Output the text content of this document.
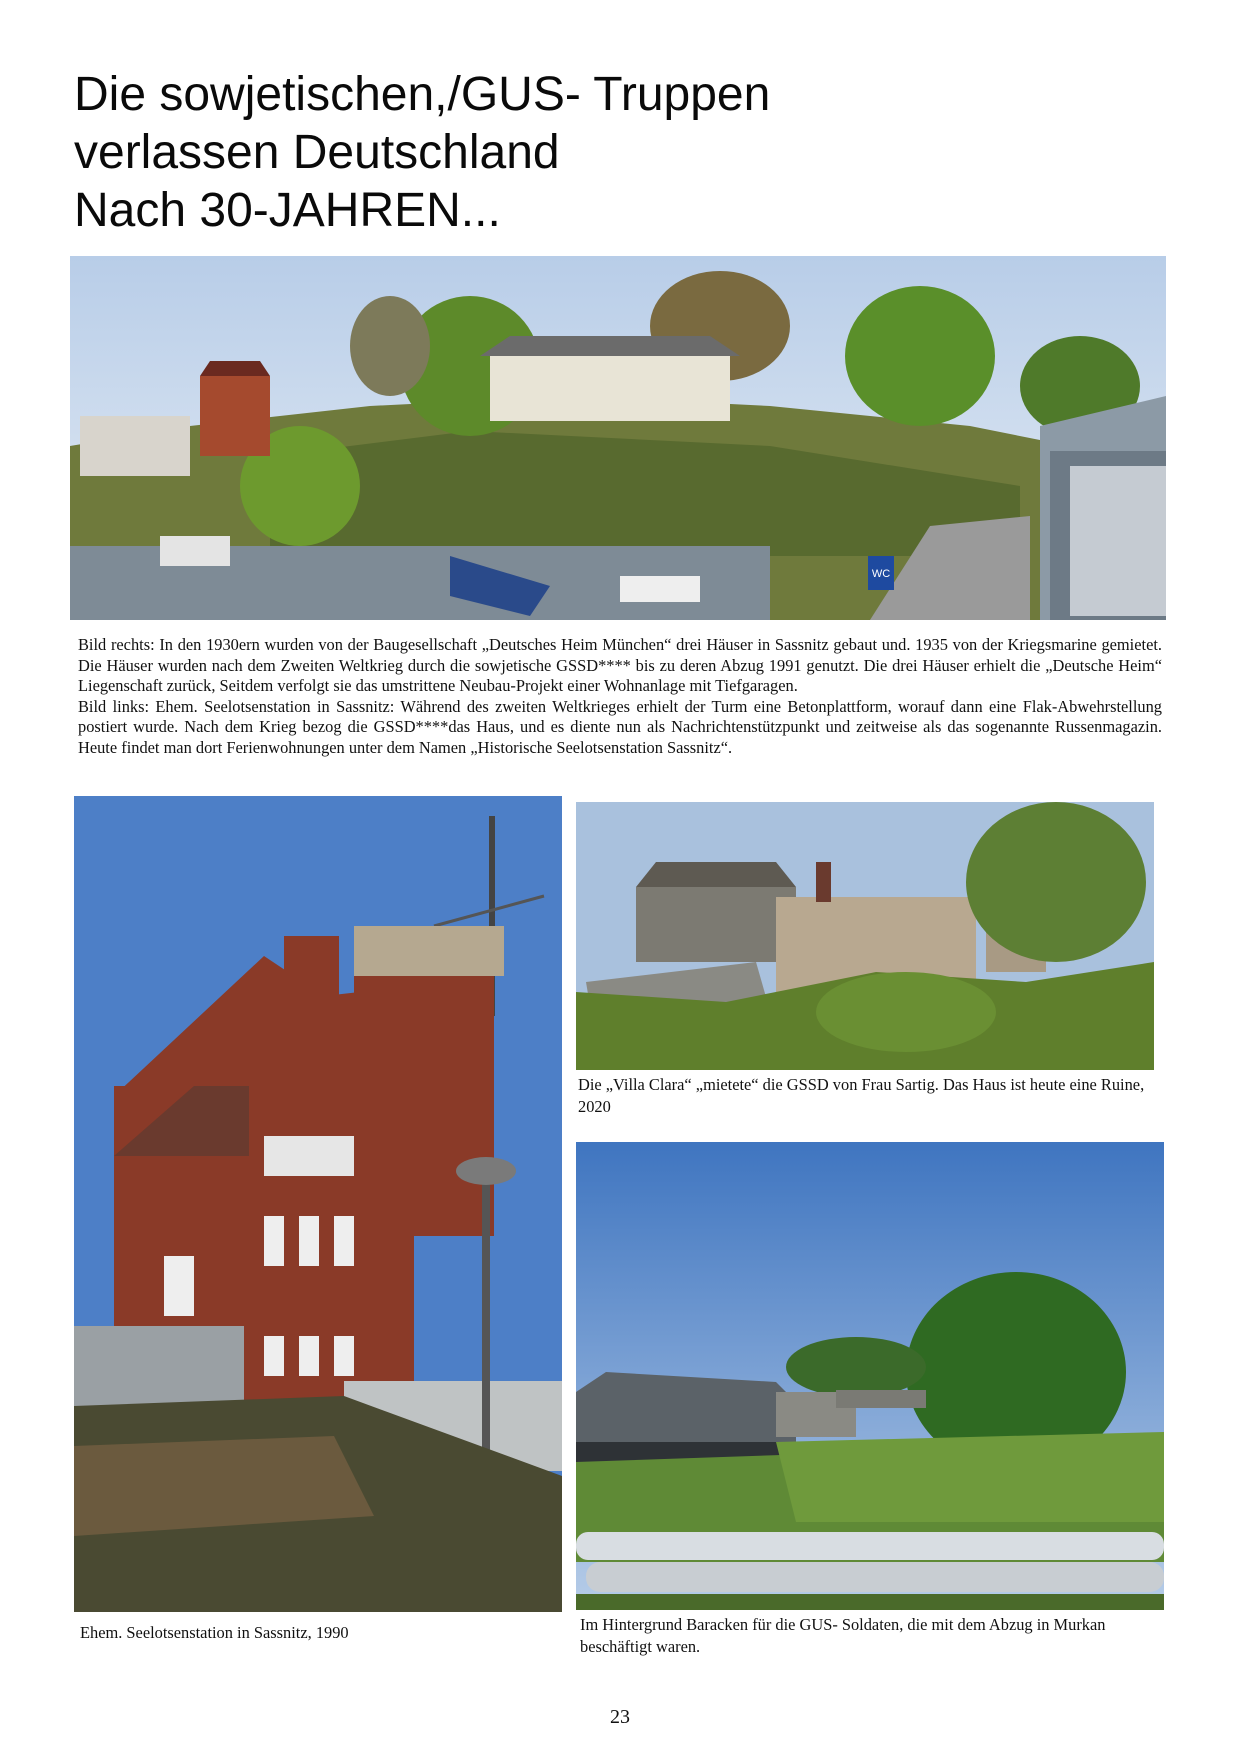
Die sowjetischen,/GUS- Truppen
verlassen Deutschland
Nach 30-JAHREN...
WC

Bild rechts: In den 1930ern wurden von der Baugesellschaft „Deutsches Heim München“ drei Häuser in Sassnitz gebaut und. 1935 von der Kriegsmarine gemietet. Die Häuser wurden nach dem Zweiten Weltkrieg durch die sowjetische GSSD**** bis zu deren Abzug 1991 genutzt. Die drei Häuser erhielt die „Deutsche Heim“ Liegenschaft zurück, Seitdem verfolgt sie das umstrittene Neubau-Projekt einer Wohnanlage mit Tiefgaragen.

Bild links: Ehem. Seelotsenstation in Sassnitz: Während des zweiten Weltkrieges erhielt der Turm eine Betonplattform, worauf dann eine Flak-Abwehrstellung postiert wurde. Nach dem Krieg bezog die GSSD****das Haus, und es diente nun als Nachrichtenstützpunkt und zeitweise als das sogenannte Russenmagazin. Heute findet man dort Ferienwohnungen unter dem Namen „Historische Seelotsenstation Sassnitz“.

Die „Villa Clara“ „mietete“ die GSSD von Frau Sartig. Das Haus ist heute eine Ruine, 2020
Ehem. Seelotsenstation in Sassnitz, 1990	Im Hintergrund Baracken für die GUS- Soldaten, die mit dem Abzug in Murkan beschäftigt waren.
23
